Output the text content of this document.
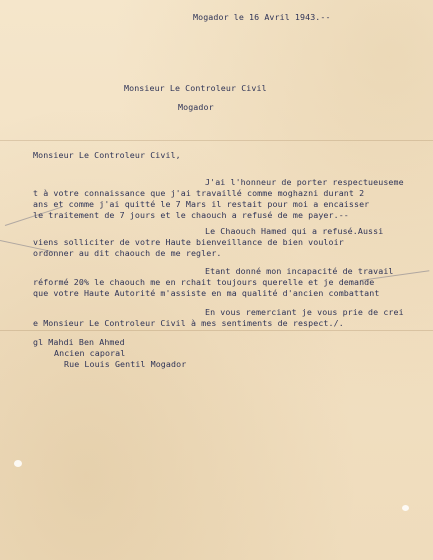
Mogador le 16 Avril 1943.--
Monsieur Le Controleur Civil
Mogador
Monsieur Le Controleur Civil,
J'ai l'honneur de porter respectueuseme
t à votre connaissance que j'ai travaillé comme moghazni durant 2
ans et comme j'ai quitté le 7 Mars il restait pour moi a encaisser
le traitement de 7 jours et le chaouch a refusé de me payer.--
Le Chaouch Hamed qui a refusé.Aussi
viens solliciter de votre Haute bienveillance de bien vouloir
ordonner au dit chaouch de me regler.
Etant donné mon incapacité de travail
réformé 20% le chaouch me en rchait toujours querelle et je demande
que votre Haute Autorité m'assiste en ma qualité d'ancien combattant
En vous remerciant je vous prie de crei
e Monsieur Le Controleur Civil à mes sentiments de respect./.
gl Mahdi Ben Ahmed
Ancien caporal
Rue Louis Gentil Mogador
